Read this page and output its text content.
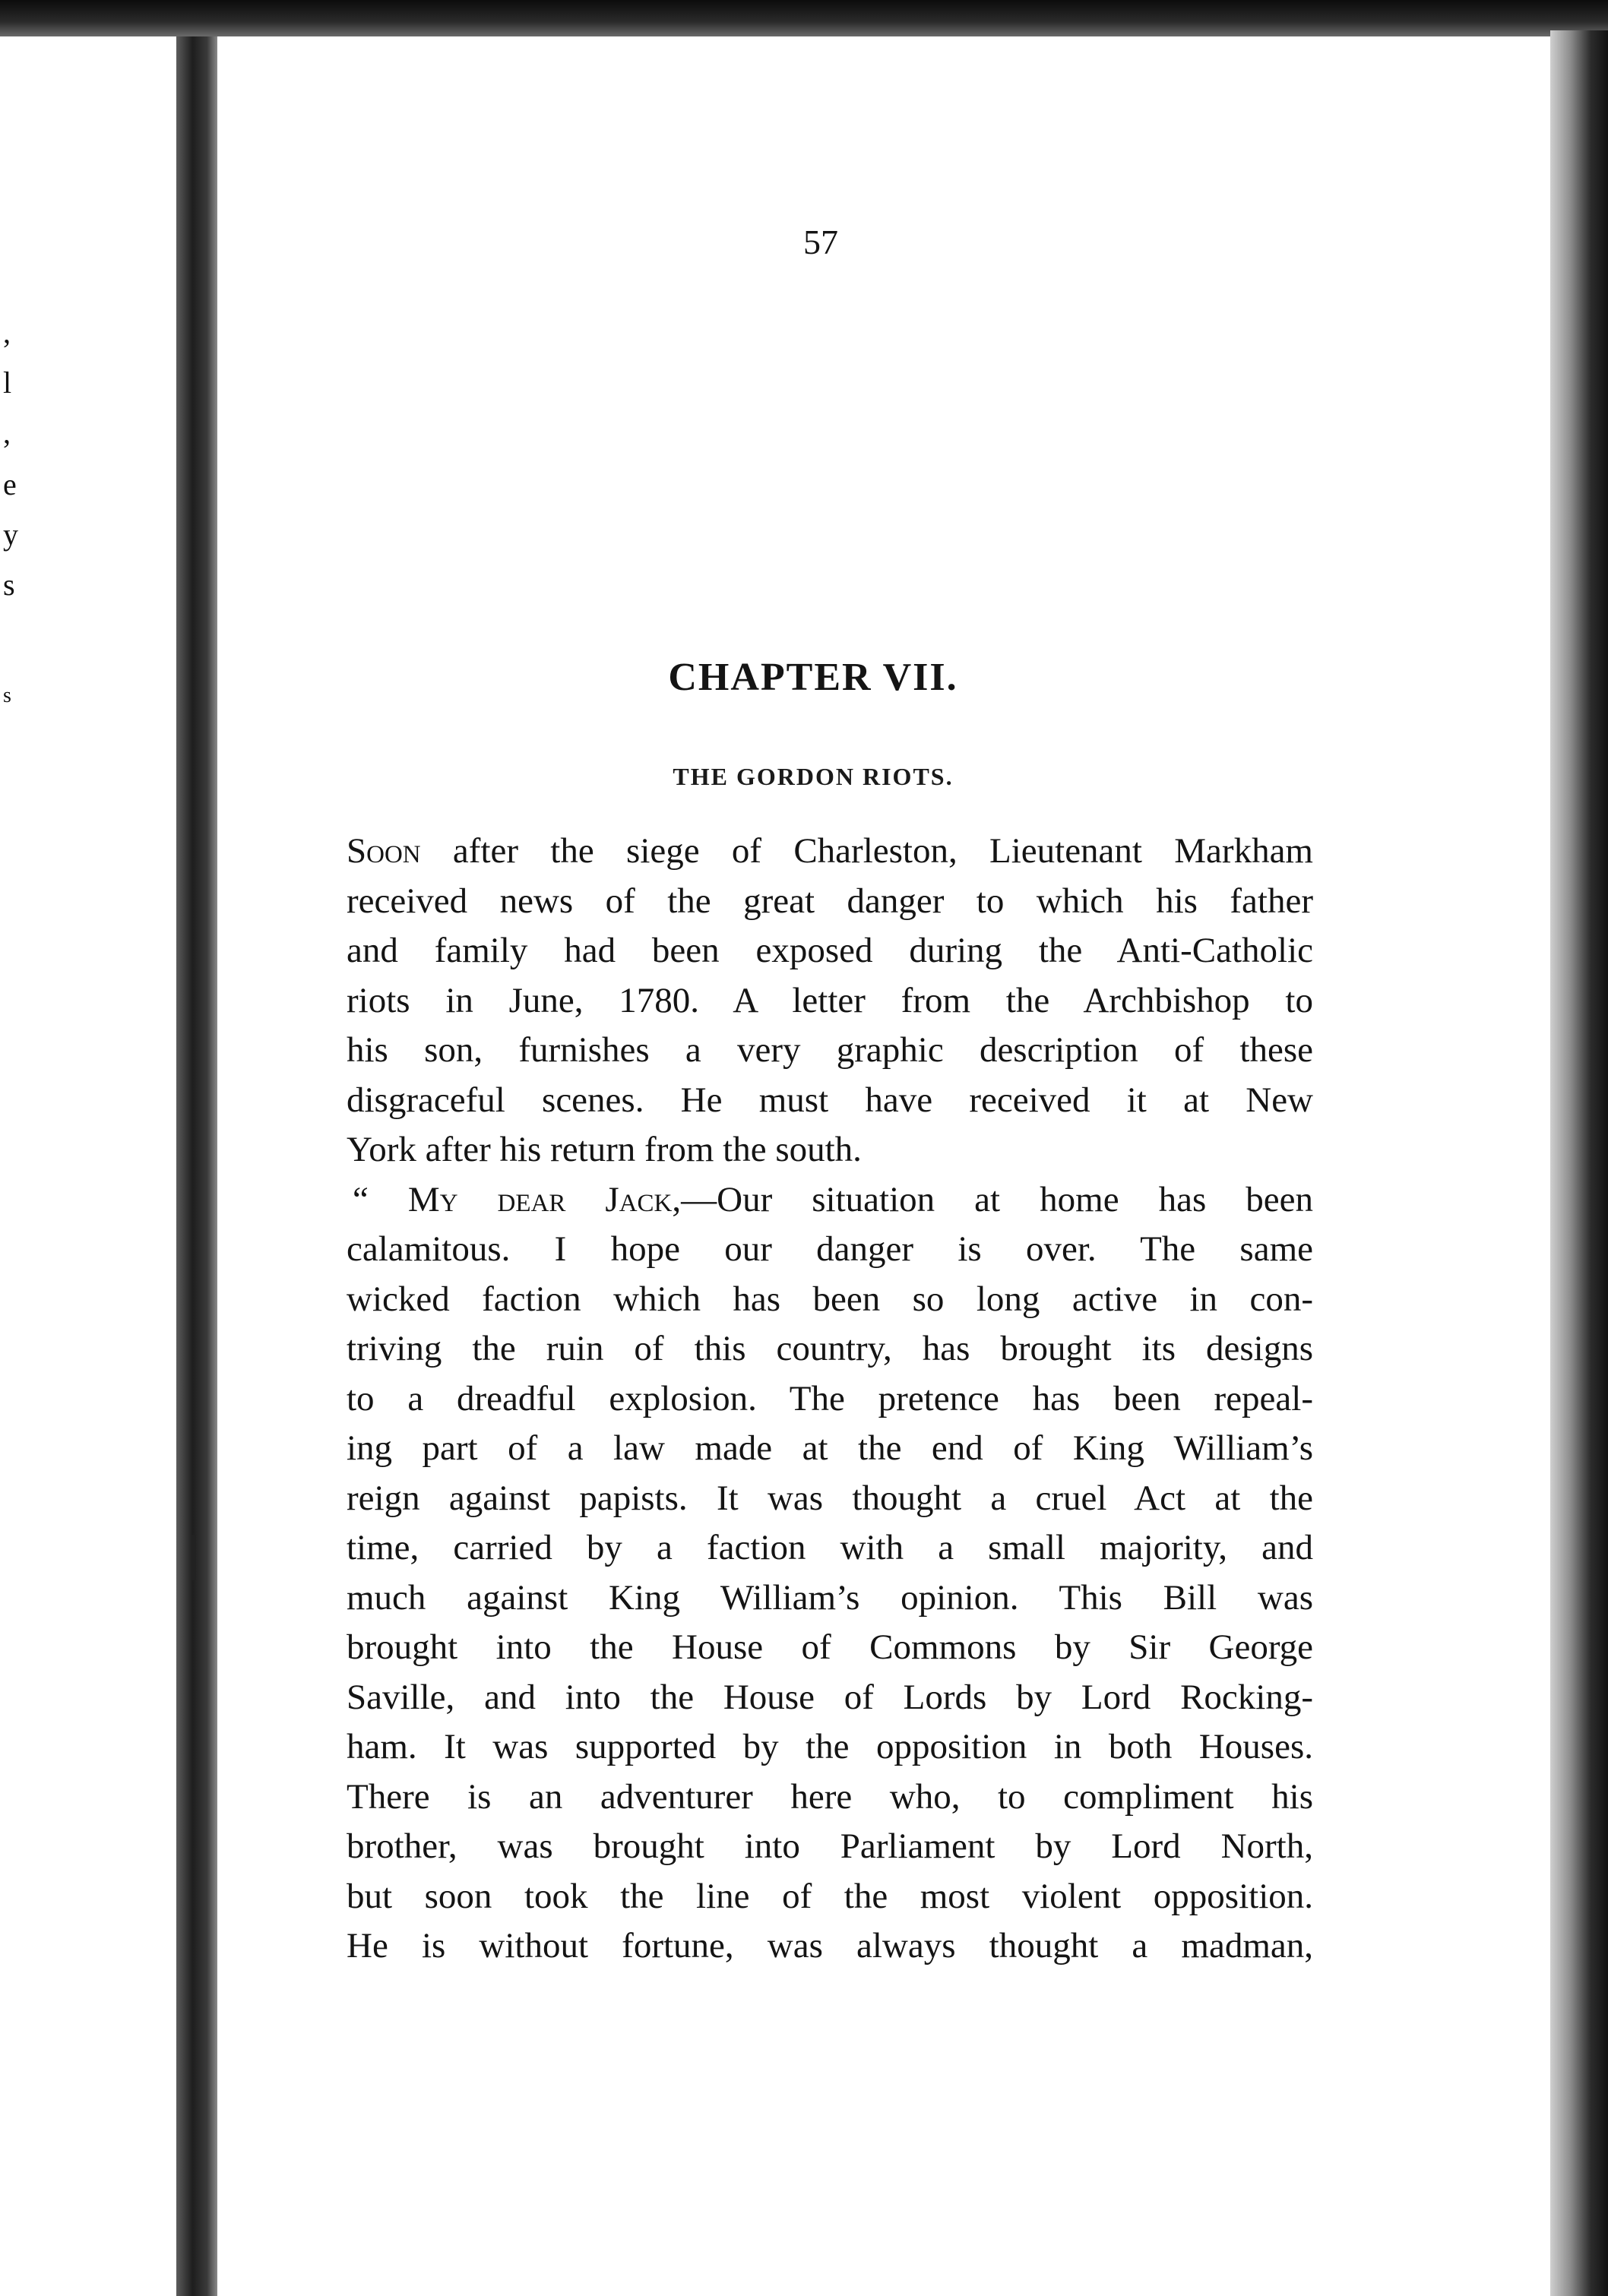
,
l
,
e
y
s
s

57

CHAPTER VII.
THE GORDON RIOTS.
Soon after the siege of Charleston, Lieutenant Markham
received news of the great danger to which his father
and family had been exposed during the Anti-Catholic
riots in June, 1780. A letter from the Archbishop to
his son, furnishes a very graphic description of these
disgraceful scenes. He must have received it at New
York after his return from the south.
“ My dear Jack,—Our situation at home has been
calamitous. I hope our danger is over. The same
wicked faction which has been so long active in con-
triving the ruin of this country, has brought its designs
to a dreadful explosion. The pretence has been repeal-
ing part of a law made at the end of King William’s
reign against papists. It was thought a cruel Act at the
time, carried by a faction with a small majority, and
much against King William’s opinion. This Bill was
brought into the House of Commons by Sir George
Saville, and into the House of Lords by Lord Rocking-
ham. It was supported by the opposition in both Houses.
There is an adventurer here who, to compliment his
brother, was brought into Parliament by Lord North,
but soon took the line of the most violent opposition.
He is without fortune, was always thought a madman,
